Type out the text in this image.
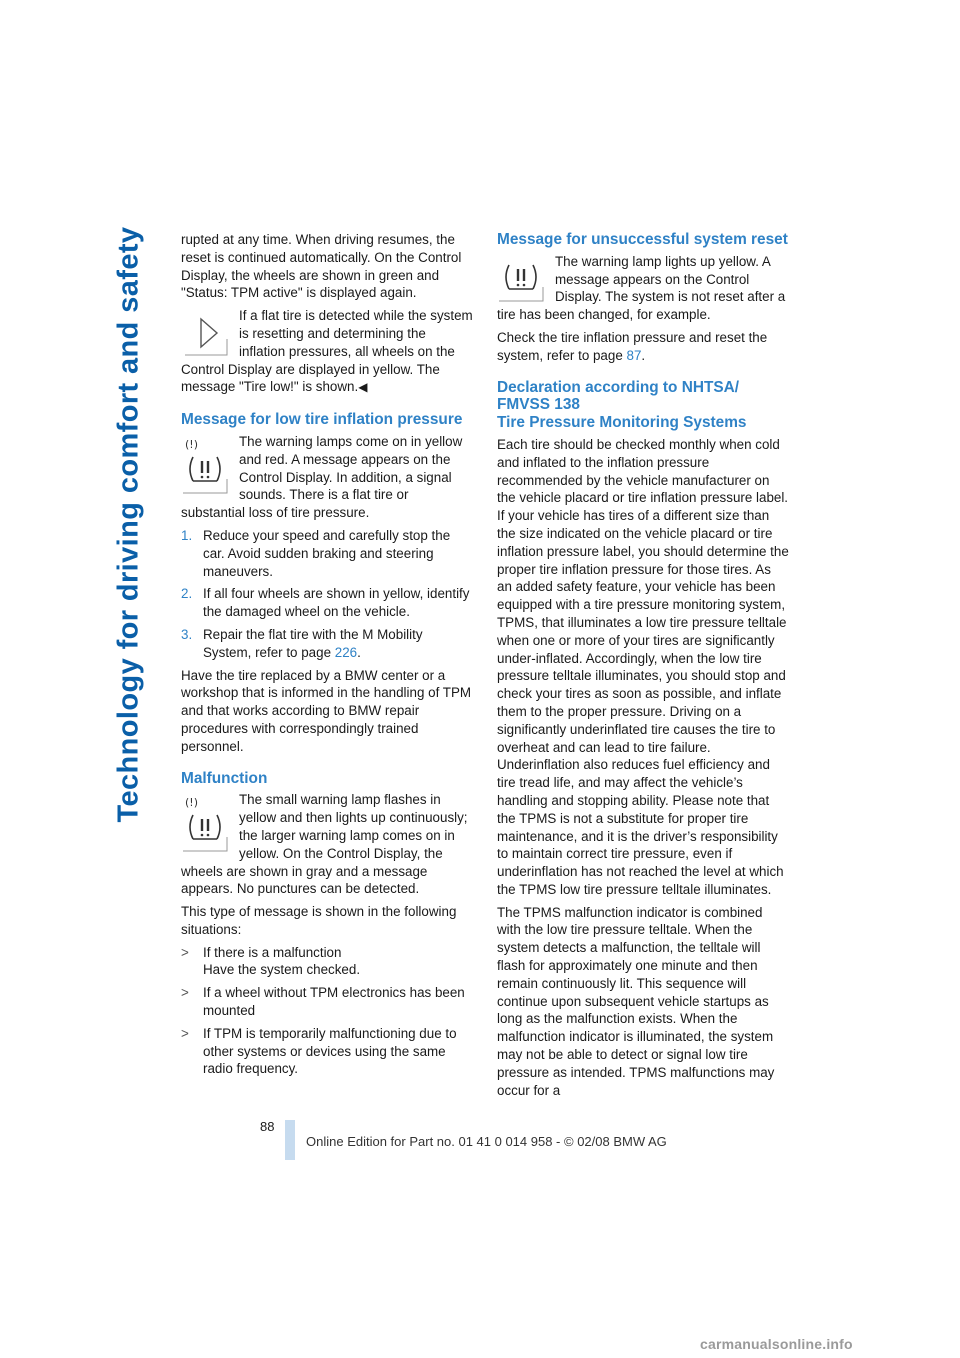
Technology for driving comfort and safety	rupted at any time. When driving resumes, the reset is continued automatically. On the Control Display, the wheels are shown in green and "Status: TPM active" is displayed again.

If a flat tire is detected while the system is resetting and determining the inflation pressures, all wheels on the Control Display are displayed in yellow. The message "Tire low!" is shown.◀

Message for low tire inflation pressure
(!)	The warning lamps come on in yellow and red. A message appears on the Control Display. In addition, a signal sounds. There is a flat tire or substantial loss of tire pressure.

1. Reduce your speed and carefully stop the car. Avoid sudden braking and steering maneuvers.
2. If all four wheels are shown in yellow, identify the damaged wheel on the vehicle.
3. Repair the flat tire with the M Mobility System, refer to page 226.

Have the tire replaced by a BMW center or a workshop that is informed in the handling of TPM and that works according to BMW repair procedures with correspondingly trained personnel.

Malfunction
(!)	The small warning lamp flashes in yellow and then lights up continuously; the larger warning lamp comes on in yellow. On the Control Display, the wheels are shown in gray and a message appears. No punctures can be detected.

This type of message is shown in the following situations:

> If there is a malfunction
Have the system checked.
> If a wheel without TPM electronics has been mounted
> If TPM is temporarily malfunctioning due to other systems or devices using the same radio frequency.
Message for unsuccessful system reset

The warning lamp lights up yellow. A message appears on the Control Display. The system is not reset after a tire has been changed, for example.

Check the tire inflation pressure and reset the system, refer to page 87.

Declaration according to NHTSA/ FMVSS 138
Tire Pressure Monitoring Systems

Each tire should be checked monthly when cold and inflated to the inflation pressure recommended by the vehicle manufacturer on the vehicle placard or tire inflation pressure label. If your vehicle has tires of a different size than the size indicated on the vehicle placard or tire inflation pressure label, you should determine the proper tire inflation pressure for those tires. As an added safety feature, your vehicle has been equipped with a tire pressure monitoring system, TPMS, that illuminates a low tire pressure telltale when one or more of your tires are significantly under-inflated. Accordingly, when the low tire pressure telltale illuminates, you should stop and check your tires as soon as possible, and inflate them to the proper pressure. Driving on a significantly underinflated tire causes the tire to overheat and can lead to tire failure. Underinflation also reduces fuel efficiency and tire tread life, and may affect the vehicle’s handling and stopping ability. Please note that the TPMS is not a substitute for proper tire maintenance, and it is the driver’s responsibility to maintain correct tire pressure, even if underinflation has not reached the level at which the TPMS low tire pressure telltale illuminates.

The TPMS malfunction indicator is combined with the low tire pressure telltale. When the system detects a malfunction, the telltale will flash for approximately one minute and then remain continuously lit. This sequence will continue upon subsequent vehicle startups as long as the malfunction exists. When the malfunction indicator is illuminated, the system may not be able to detect or signal low tire pressure as intended. TPMS malfunctions may occur for a

88
Online Edition for Part no. 01 41 0 014 958 - © 02/08 BMW AG
carmanualsonline.info
